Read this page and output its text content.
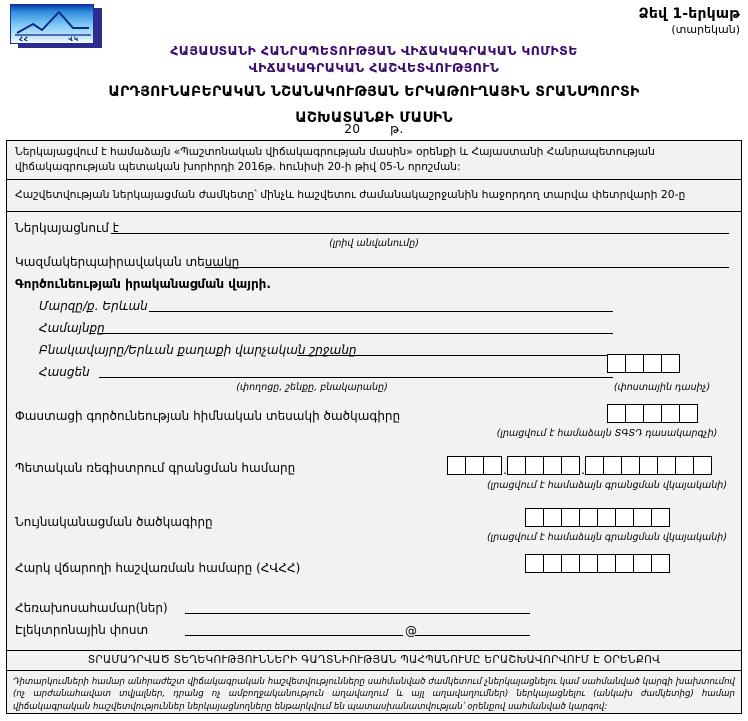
ՀՀ	ՎԿ
Ձեվ 1-երկաթ
(տարեկան)
ՀԱՅԱՍՏԱՆԻ ՀԱՆՐԱՊԵՏՈՒԹՅԱՆ ՎԻՃԱԿԱԳՐԱԿԱՆ ԿՈՄԻՏԵ
ՎԻՃԱԿԱԳՐԱԿԱՆ ՀԱՇՎԵՏՎՈՒԹՅՈՒՆ
ԱՐԴՅՈՒՆԱԲԵՐԱԿԱՆ ՆՇԱՆԱԿՈՒԹՅԱՆ ԵՐԿԱԹՈՒՂԱՅԻՆ ՏՐԱՆՍՊՈՐՏԻ
ԱՇԽԱՏԱՆՔԻ ՄԱՍԻՆ
20 թ.

Ներկայացվում է համաձայն «Պաշտոնական վիճակագրության մասին» օրենքի և Հայաստանի Հանրապետության վիճակագրության պետական խորհրդի 2016թ. հունիսի 20-ի թիվ 05-Ն որոշման:

Հաշվետվության ներկայացման ժամկետը՝ մինչև հաշվետու ժամանակաշրջանին հաջորդող տարվա փետրվարի 20-ը

Ներկայացնում է
(լրիվ անվանումը)
Կազմակերպաիրավական տեսակը
Գործունեության իրականացման վայրի.
Մարզը/ք. Երևան
Համայնքը
Բնակավայրը/Երևան քաղաքի վարչական շրջանը
Հասցեն
(փողոցը, շենքը, բնակարանը)	(փոստային դասիչ)
Փաստացի գործունեության հիմնական տեսակի ծածկագիրը
(լրացվում է համաձայն ՏԳՏԴ դասակարգչի)
Պետական ռեգիստրում գրանցման համարը	.	.
(լրացվում է համաձայն գրանցման վկայականի)
Նույնականացման ծածկագիրը
(լրացվում է համաձայն գրանցման վկայականի)
Հարկ վճարողի հաշվառման համարը (ՀՎՀՀ)
Հեռախոսահամար(ներ)
Էլեկտրոնային փոստ	@
ՏՐԱՄԱԴՐՎԱԾ ՏԵՂԵԿՈՒԹՅՈՒՆՆԵՐԻ ԳԱՂՏՆԻՈՒԹՅԱՆ ՊԱՀՊԱՆՈՒՄԸ ԵՐԱՇԽԱՎՈՐՎՈՒՄ Է ՕՐԵՆՔՈՎ

Դիտարկումների համար անհրաժեշտ վիճակագրական հաշվետվությունները սահմանված ժամկետում չներկայացնելու կամ սահմանված կարգի խախտումով (ոչ արժանահավատ տվյալներ, դրանց ոչ ամբողջականություն աղավաղում և այլ աղավաղումներ) ներկայացնելու (անկախ ժամկետից) համար վիճակագրական հաշվետվություններ ներկայացնողները ենթարկվում են պատասխանատվության՝ օրենքով սահմանված կարգով:
